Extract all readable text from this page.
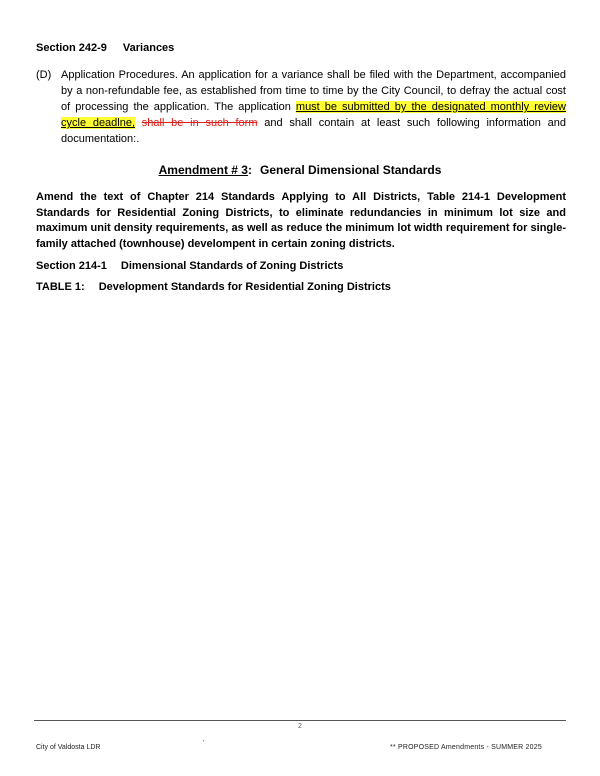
Section 242-9 Variances
(D) Application Procedures. An application for a variance shall be filed with the Department, accompanied by a non-refundable fee, as established from time to time by the City Council, to defray the actual cost of processing the application. The application must be submitted by the designated monthly review cycle deadlne, shall be in such form and shall contain at least such following information and documentation:.
Amendment # 3: General Dimensional Standards
Amend the text of Chapter 214 Standards Applying to All Districts, Table 214-1 Development Standards for Residential Zoning Districts, to eliminate redundancies in minimum lot size and maximum unit density requirements, as well as reduce the minimum lot width requirement for single-family attached (townhouse) develompent in certain zoning districts.
Section 214-1 Dimensional Standards of Zoning Districts
TABLE 1: Development Standards for Residential Zoning Districts
2
City of Valdosta LDR
'
** PROPOSED Amendments - SUMMER 2025
